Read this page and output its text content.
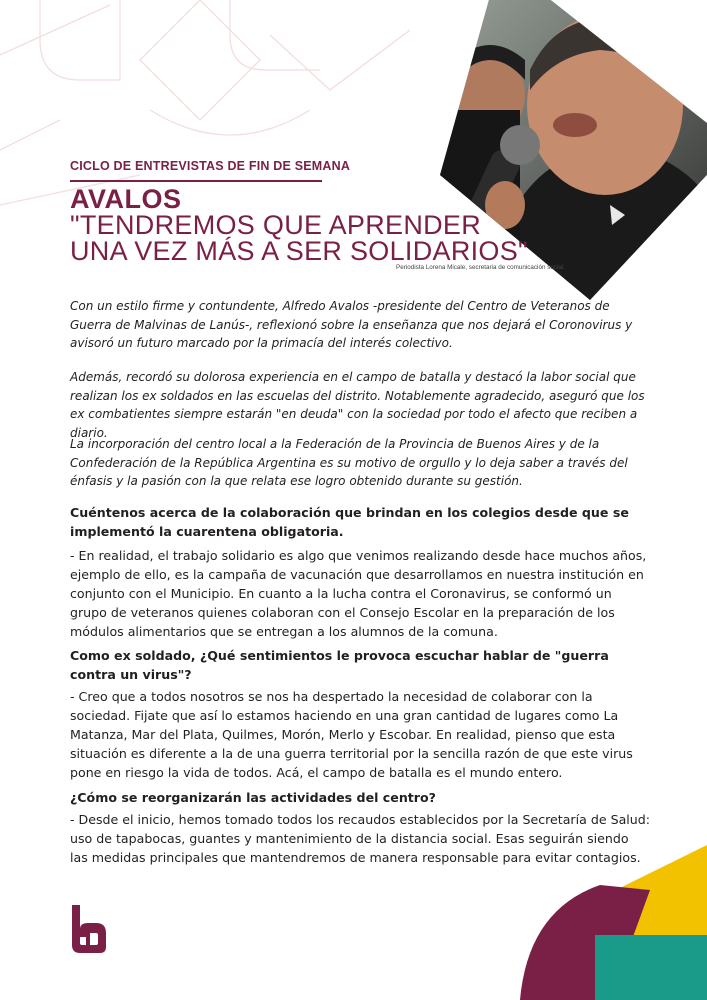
CICLO DE ENTREVISTAS DE FIN DE SEMANA
AVALOS
"TENDREMOS QUE APRENDER
UNA VEZ MÁS A SER SOLIDARIOS"
Periodista Lorena Micale, secretaria de comunicación social.

Con un estilo firme y contundente, Alfredo Avalos -presidente del Centro de Veteranos de Guerra de Malvinas de Lanús-, reflexionó sobre la enseñanza que nos dejará el Coronovirus y avisoró un futuro marcado por la primacía del interés colectivo.

Además, recordó su dolorosa experiencia en el campo de batalla y destacó la labor social que realizan los ex soldados en las escuelas del distrito. Notablemente agradecido, aseguró que los ex combatientes siempre estarán "en deuda" con la sociedad por todo el afecto que reciben a diario.

La incorporación del centro local a la Federación de la Provincia de Buenos Aires y de la Confederación de la República Argentina es su motivo de orgullo y lo deja saber a través del énfasis y la pasión con la que relata ese logro obtenido durante su gestión.

Cuéntenos acerca de la colaboración que brindan en los colegios desde que se implementó la cuarentena obligatoria.

- En realidad, el trabajo solidario es algo que venimos realizando desde hace muchos años, ejemplo de ello, es la campaña de vacunación que desarrollamos en nuestra institución en conjunto con el Municipio. En cuanto a la lucha contra el Coronavirus, se conformó un grupo de veteranos quienes colaboran con el Consejo Escolar en la preparación de los módulos alimentarios que se entregan a los alumnos de la comuna.

Como ex soldado, ¿Qué sentimientos le provoca escuchar hablar de "guerra contra un virus"?

- Creo que a todos nosotros se nos ha despertado la necesidad de colaborar con la sociedad. Fijate que así lo estamos haciendo en una gran cantidad de lugares como La Matanza, Mar del Plata, Quilmes, Morón, Merlo y Escobar. En realidad, pienso que esta situación es diferente a la de una guerra territorial por la sencilla razón de que este virus pone en riesgo la vida de todos. Acá, el campo de batalla es el mundo entero.

¿Cómo se reorganizarán las actividades del centro?

- Desde el inicio, hemos tomado todos los recaudos establecidos por la Secretaría de Salud: uso de tapabocas, guantes y mantenimiento de la distancia social. Esas seguirán siendo las medidas principales que mantendremos de manera responsable para evitar contagios.
